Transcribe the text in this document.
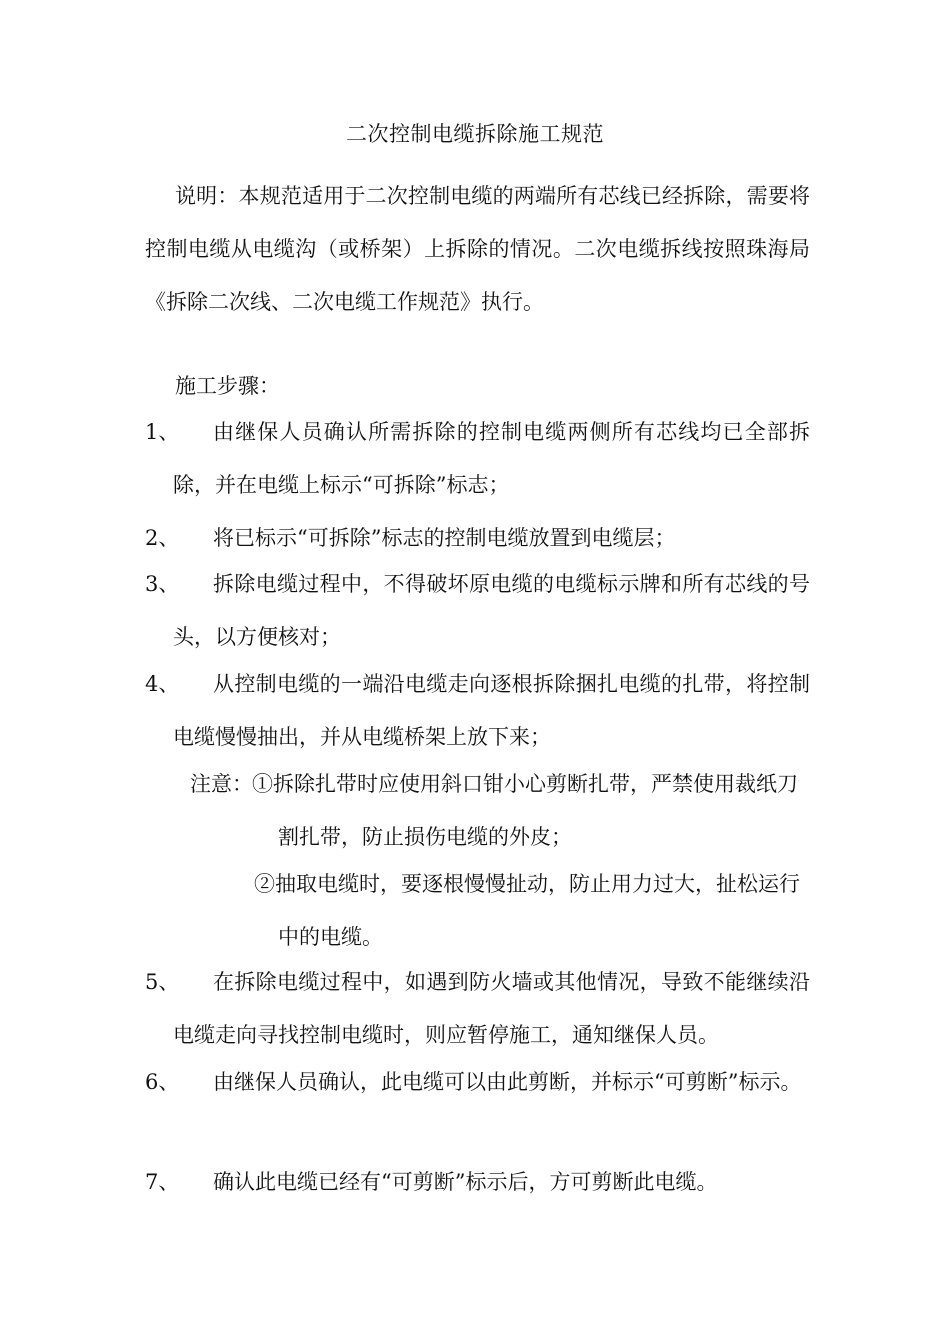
二次控制电缆拆除施工规范
说明：本规范适用于二次控制电缆的两端所有芯线已经拆除，需要将控制电缆从电缆沟（或桥架）上拆除的情况。二次电缆拆线按照珠海局《拆除二次线、二次电缆工作规范》执行。
施工步骤：
1、	由继保人员确认所需拆除的控制电缆两侧所有芯线均已全部拆除，并在电缆上标示“可拆除”标志；
2、	将已标示“可拆除”标志的控制电缆放置到电缆层；
3、	拆除电缆过程中，不得破坏原电缆的电缆标示牌和所有芯线的号头，以方便核对；
4、	从控制电缆的一端沿电缆走向逐根拆除捆扎电缆的扎带，将控制电缆慢慢抽出，并从电缆桥架上放下来；
注意： ①拆除扎带时应使用斜口钳小心剪断扎带，严禁使用裁纸刀割扎带，防止损伤电缆的外皮；
②抽取电缆时，要逐根慢慢扯动，防止用力过大，扯松运行中的电缆。
5、	在拆除电缆过程中，如遇到防火墙或其他情况，导致不能继续沿电缆走向寻找控制电缆时，则应暂停施工，通知继保人员。
6、	由继保人员确认，此电缆可以由此剪断，并标示“可剪断”标示。
7、	确认此电缆已经有“可剪断”标示后，方可剪断此电缆。
